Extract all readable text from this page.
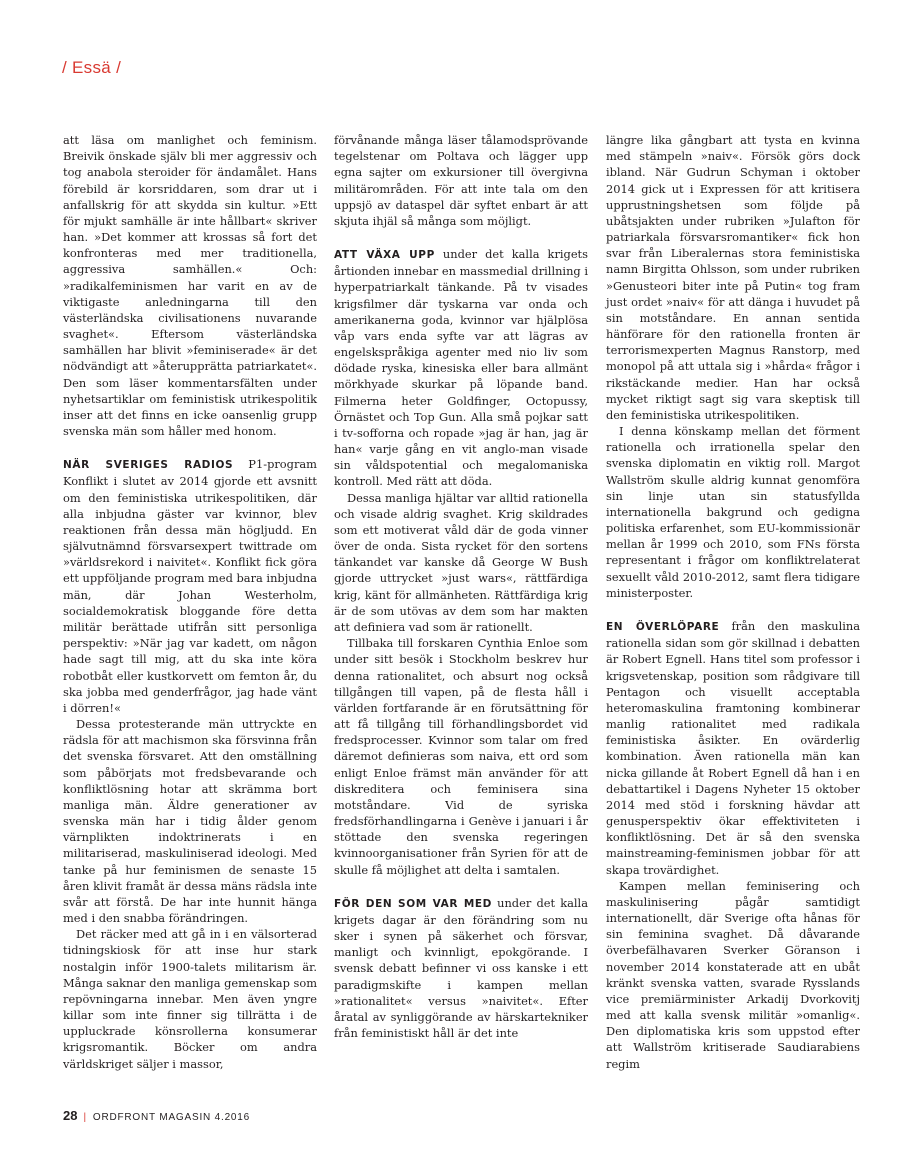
/ Essä /

att läsa om manlighet och feminism. Breivik önskade själv bli mer aggressiv och tog anabola steroider för ändamålet. Hans förebild är korsriddaren, som drar ut i anfallskrig för att skydda sin kultur. »Ett för mjukt samhälle är inte hållbart« skriver han. »Det kommer att krossas så fort det konfronteras med mer traditionella, aggressiva samhällen.« Och: »radikalfeminismen har varit en av de viktigaste anledningarna till den västerländska civilisationens nuvarande svaghet«. Eftersom västerländska samhällen har blivit »feminiserade« är det nödvändigt att »återupprätta patriarkatet«. Den som läser kommentarsfälten under nyhetsartiklar om feministisk utrikespolitik inser att det finns en icke oansenlig grupp svenska män som håller med honom.

NÄR SVERIGES RADIOS P1-program Konflikt i slutet av 2014 gjorde ett avsnitt om den feministiska utrikespolitiken, där alla inbjudna gäster var kvinnor, blev reaktionen från dessa män högljudd. En självutnämnd försvarsexpert twittrade om »världsrekord i naivitet«. Konflikt fick göra ett uppföljande program med bara inbjudna män, där Johan Westerholm, socialdemokratisk bloggande före detta militär berättade utifrån sitt personliga perspektiv: »När jag var kadett, om någon hade sagt till mig, att du ska inte köra robotbåt eller kustkorvett om femton år, du ska jobba med genderfrågor, jag hade vänt i dörren!«

Dessa protesterande män uttryckte en rädsla för att machismon ska försvinna från det svenska försvaret. Att den omställning som påbörjats mot fredsbevarande och konfliktlösning hotar att skrämma bort manliga män. Äldre generationer av svenska män har i tidig ålder genom värnplikten indoktrinerats i en militariserad, maskuliniserad ideologi. Med tanke på hur feminismen de senaste 15 åren klivit framåt är dessa mäns rädsla inte svår att förstå. De har inte hunnit hänga med i den snabba förändringen.

Det räcker med att gå in i en välsorterad tidningskiosk för att inse hur stark nostalgin inför 1900-talets militarism är. Många saknar den manliga gemenskap som repövningarna innebar. Men även yngre killar som inte finner sig tillrätta i de uppluckrade könsrollerna konsumerar krigsromantik. Böcker om andra världskriget säljer i massor,

förvånande många läser tålamodsprövande tegelstenar om Poltava och lägger upp egna sajter om exkursioner till övergivna militärområden. För att inte tala om den uppsjö av dataspel där syftet enbart är att skjuta ihjäl så många som möjligt.

ATT VÄXA UPP under det kalla krigets årtionden innebar en massmedial drillning i hyperpatriarkalt tänkande. På tv visades krigsfilmer där tyskarna var onda och amerikanerna goda, kvinnor var hjälplösa våp vars enda syfte var att lägras av engelskspråkiga agenter med nio liv som dödade ryska, kinesiska eller bara allmänt mörkhyade skurkar på löpande band. Filmerna heter Goldfinger, Octopussy, Örnästet och Top Gun. Alla små pojkar satt i tv-sofforna och ropade »jag är han, jag är han« varje gång en vit anglo-man visade sin våldspotential och megalomaniska kontroll. Med rätt att döda.

Dessa manliga hjältar var alltid rationella och visade aldrig svaghet. Krig skildrades som ett motiverat våld där de goda vinner över de onda. Sista rycket för den sortens tänkandet var kanske då George W Bush gjorde uttrycket »just wars«, rättfärdiga krig, känt för allmänheten. Rättfärdiga krig är de som utövas av dem som har makten att definiera vad som är rationellt.

Tillbaka till forskaren Cynthia Enloe som under sitt besök i Stockholm beskrev hur denna rationalitet, och absurt nog också tillgången till vapen, på de flesta håll i världen fortfarande är en förutsättning för att få tillgång till förhandlingsbordet vid fredsprocesser. Kvinnor som talar om fred däremot definieras som naiva, ett ord som enligt Enloe främst män använder för att diskreditera och feminisera sina motståndare. Vid de syriska fredsförhandlingarna i Genève i januari i år stöttade den svenska regeringen kvinnoorganisationer från Syrien för att de skulle få möjlighet att delta i samtalen.

FÖR DEN SOM VAR MED under det kalla krigets dagar är den förändring som nu sker i synen på säkerhet och försvar, manligt och kvinnligt, epokgörande. I svensk debatt befinner vi oss kanske i ett paradigmskifte i kampen mellan »rationalitet« versus »naivitet«. Efter åratal av synliggörande av härskartekniker från feministiskt håll är det inte

längre lika gångbart att tysta en kvinna med stämpeln »naiv«. Försök görs dock ibland. När Gudrun Schyman i oktober 2014 gick ut i Expressen för att kritisera upprustningshetsen som följde på ubåtsjakten under rubriken »Julafton för patriarkala försvarsromantiker« fick hon svar från Liberalernas stora feministiska namn Birgitta Ohlsson, som under rubriken »Genusteori biter inte på Putin« tog fram just ordet »naiv« för att dänga i huvudet på sin motståndare. En annan sentida hänförare för den rationella fronten är terrorismexperten Magnus Ranstorp, med monopol på att uttala sig i »hårda« frågor i rikstäckande medier. Han har också mycket riktigt sagt sig vara skeptisk till den feministiska utrikespolitiken.

I denna könskamp mellan det förment rationella och irrationella spelar den svenska diplomatin en viktig roll. Margot Wallström skulle aldrig kunnat genomföra sin linje utan sin statusfyllda internationella bakgrund och gedigna politiska erfarenhet, som EU-kommissionär mellan år 1999 och 2010, som FNs första representant i frågor om konfliktrelaterat sexuellt våld 2010-2012, samt flera tidigare ministerposter.

EN ÖVERLÖPARE från den maskulina rationella sidan som gör skillnad i debatten är Robert Egnell. Hans titel som professor i krigsvetenskap, position som rådgivare till Pentagon och visuellt acceptabla heteromaskulina framtoning kombinerar manlig rationalitet med radikala feministiska åsikter. En ovärderlig kombination. Även rationella män kan nicka gillande åt Robert Egnell då han i en debattartikel i Dagens Nyheter 15 oktober 2014 med stöd i forskning hävdar att genusperspektiv ökar effektiviteten i konfliktlösning. Det är så den svenska mainstreaming-feminismen jobbar för att skapa trovärdighet.

Kampen mellan feminisering och maskulinisering pågår samtidigt internationellt, där Sverige ofta hånas för sin feminina svaghet. Då dåvarande överbefälhavaren Sverker Göranson i november 2014 konstaterade att en ubåt kränkt svenska vatten, svarade Rysslands vice premiärminister Arkadij Dvorkovitj med att kalla svensk militär »omanlig«. Den diplomatiska kris som uppstod efter att Wallström kritiserade Saudiarabiens regim

28 | ORDFRONT MAGASIN 4.2016
